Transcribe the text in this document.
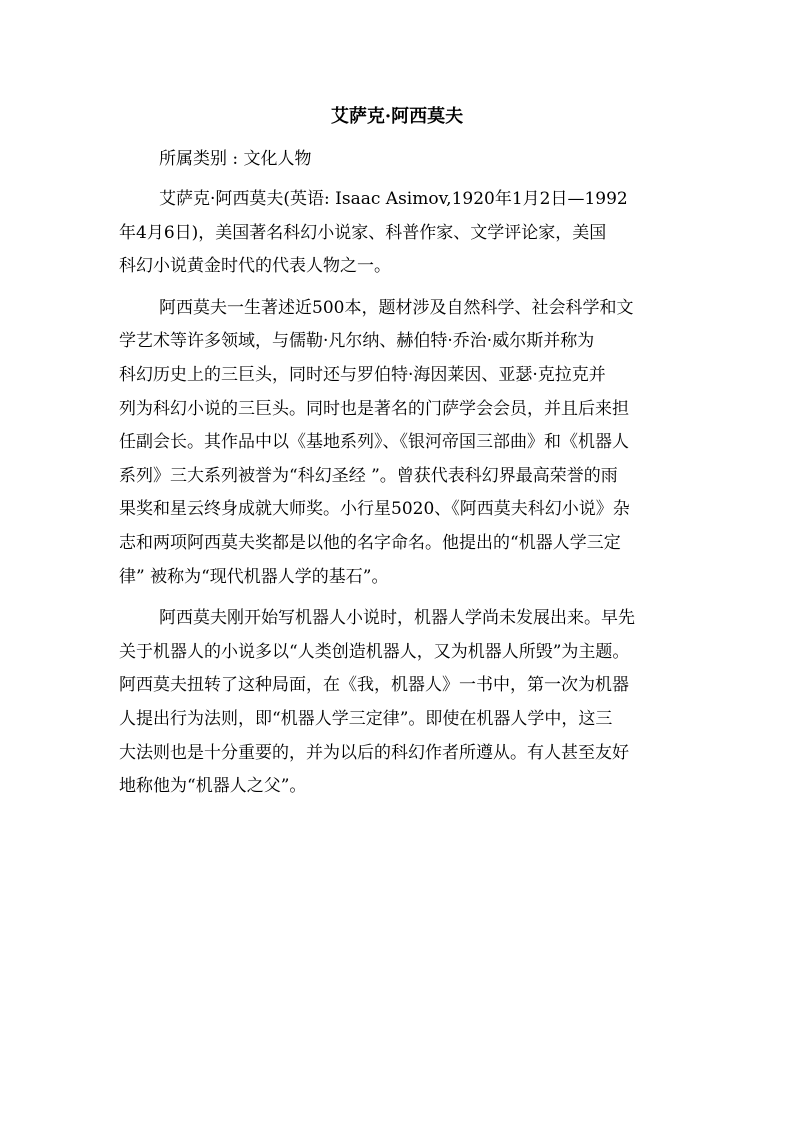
艾萨克·阿西莫夫
所属类别 : 文化人物

艾萨克·阿西莫夫(英语: Isaac Asimov,1920年1月2日—1992
年4月6日)，美国著名科幻小说家、科普作家、文学评论家，美国
科幻小说黄金时代的代表人物之一。

阿西莫夫一生著述近500本，题材涉及自然科学、社会科学和文
学艺术等许多领域，与儒勒·凡尔纳、赫伯特·乔治·威尔斯并称为
科幻历史上的三巨头，同时还与罗伯特·海因莱因、亚瑟·克拉克并
列为科幻小说的三巨头。同时也是著名的门萨学会会员，并且后来担
任副会长。其作品中以《基地系列》、《银河帝国三部曲》和《机器人
系列》三大系列被誉为“科幻圣经 ”。曾获代表科幻界最高荣誉的雨
果奖和星云终身成就大师奖。小行星5020、《阿西莫夫科幻小说》杂
志和两项阿西莫夫奖都是以他的名字命名。他提出的“机器人学三定
律” 被称为“现代机器人学的基石”。

阿西莫夫刚开始写机器人小说时，机器人学尚未发展出来。早先
关于机器人的小说多以“人类创造机器人，又为机器人所毁”为主题。
阿西莫夫扭转了这种局面，在《我，机器人》一书中，第一次为机器
人提出行为法则，即“机器人学三定律”。即使在机器人学中，这三
大法则也是十分重要的，并为以后的科幻作者所遵从。有人甚至友好
地称他为“机器人之父”。
